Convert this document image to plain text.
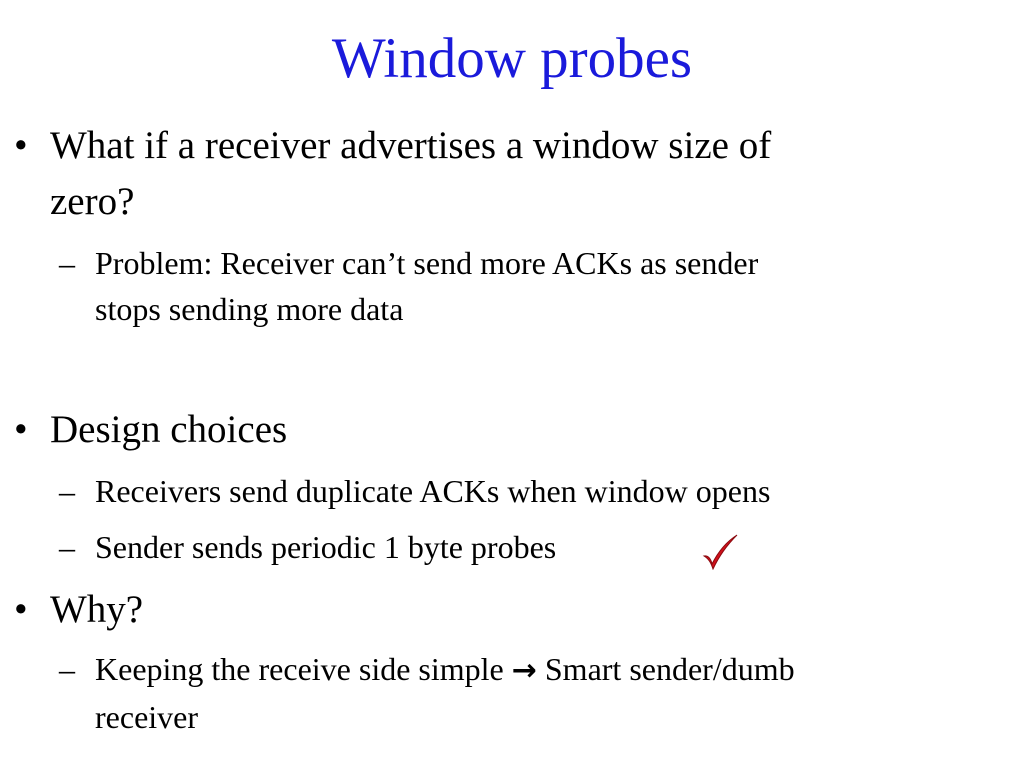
Window probes
• What if a receiver advertises a window size of
zero?
– Problem: Receiver can’t send more ACKs as sender
stops sending more data
• Design choices
– Receivers send duplicate ACKs when window opens
– Sender sends periodic 1 byte probes
• Why?
– Keeping the receive side simple → Smart sender/dumb
receiver
